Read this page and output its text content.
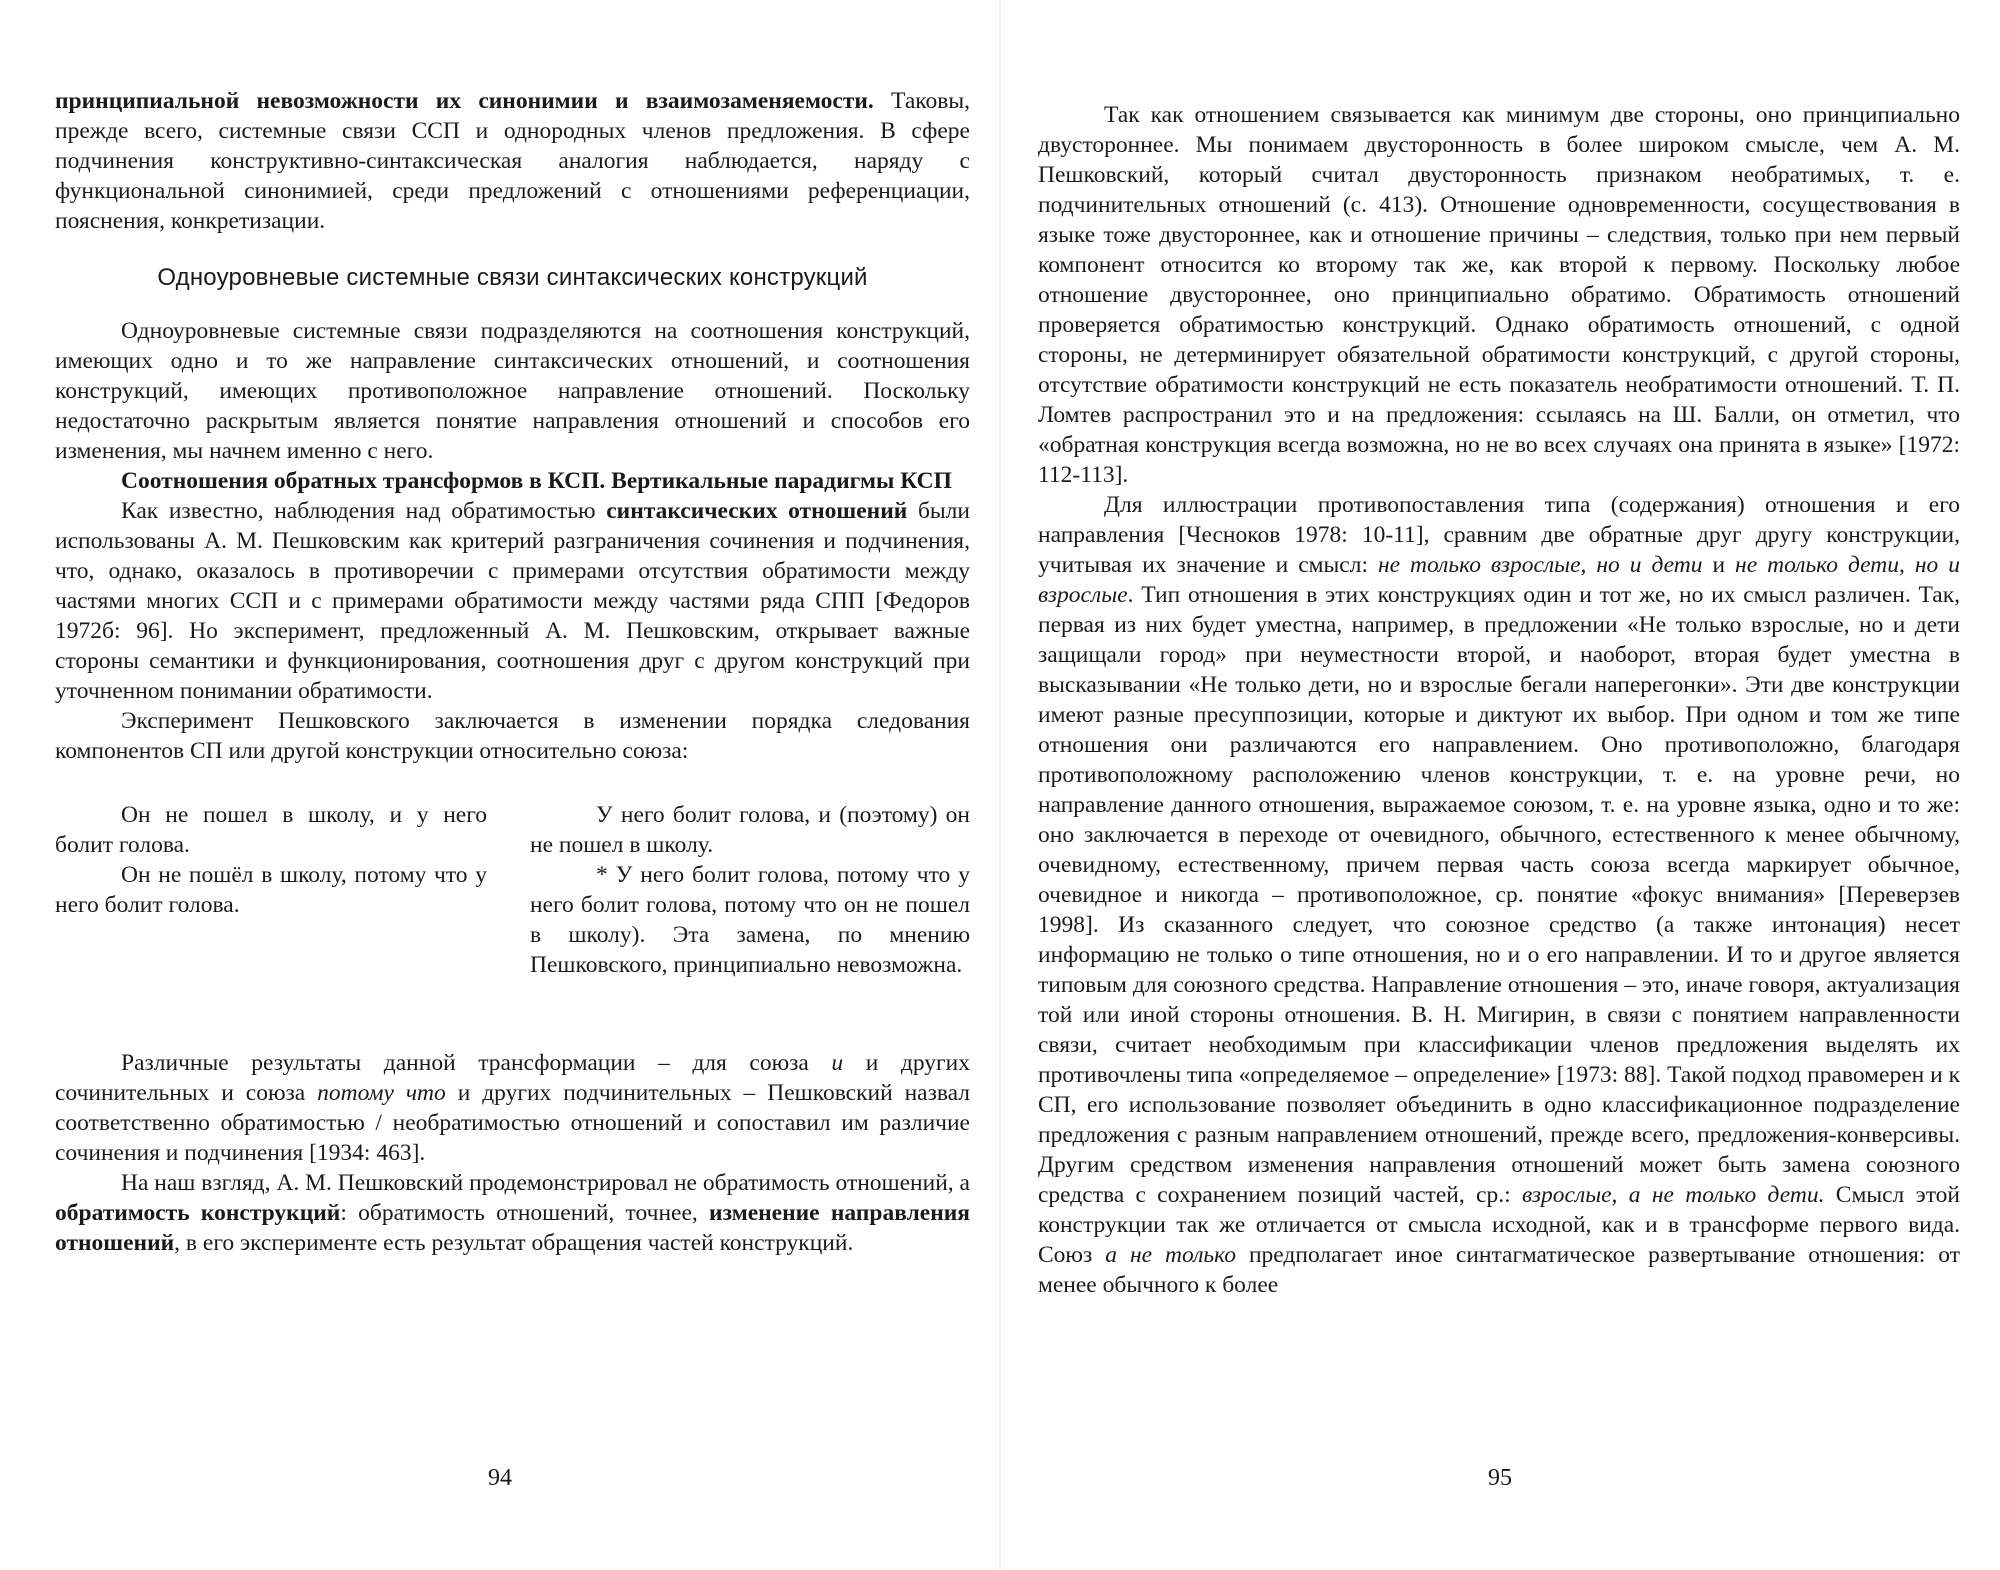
принципиальной невозможности их синонимии и взаимозаменяемости. Таковы, прежде всего, системные связи ССП и однородных членов предложения. В сфере подчинения конструктивно-синтаксическая аналогия наблюдается, наряду с функциональной синонимией, среди предложений с отношениями референциации, пояснения, конкретизации.

Одноуровневые системные связи синтаксических конструкций

Одноуровневые системные связи подразделяются на соотношения конструкций, имеющих одно и то же направление синтаксических отношений, и соотношения конструкций, имеющих противоположное направление отношений. Поскольку недостаточно раскрытым является понятие направления отношений и способов его изменения, мы начнем именно с него.

Соотношения обратных трансформов в КСП. Вертикальные парадигмы КСП

Как известно, наблюдения над обратимостью синтаксических отношений были использованы А. М. Пешковским как критерий разграничения сочинения и подчинения, что, однако, оказалось в противоречии с примерами отсутствия обратимости между частями многих ССП и с примерами обратимости между частями ряда СПП [Федоров 1972б: 96]. Но эксперимент, предложенный А. М. Пешковским, открывает важные стороны семантики и функционирования, соотношения друг с другом конструкций при уточненном понимании обратимости.

Эксперимент Пешковского заключается в изменении порядка следования компонентов СП или другой конструкции относительно союза:

Он не пошел в школу, и у него болит голова.

Он не пошёл в школу, потому что у него болит голова.

У него болит голова, и (поэтому) он не пошел в школу.

* У него болит голова, потому что у него болит голова, потому что он не пошел в школу). Эта замена, по мнению Пешковского, принципиально невозможна.

Различные результаты данной трансформации – для союза и и других сочинительных и союза потому что и других подчинительных – Пешковский назвал соответственно обратимостью / необратимостью отношений и сопоставил им различие сочинения и подчинения [1934: 463].

На наш взгляд, А. М. Пешковский продемонстрировал не обратимость отношений, а обратимость конструкций: обратимость отношений, точнее, изменение направления отношений, в его эксперименте есть результат обращения частей конструкций.

94

Так как отношением связывается как минимум две стороны, оно принципиально двустороннее. Мы понимаем двусторонность в более широком смысле, чем А. М. Пешковский, который считал двусторонность признаком необратимых, т. е. подчинительных отношений (с. 413). Отношение одновременности, сосуществования в языке тоже двустороннее, как и отношение причины – следствия, только при нем первый компонент относится ко второму так же, как второй к первому. Поскольку любое отношение двустороннее, оно принципиально обратимо. Обратимость отношений проверяется обратимостью конструкций. Однако обратимость отношений, с одной стороны, не детерминирует обязательной обратимости конструкций, с другой стороны, отсутствие обратимости конструкций не есть показатель необратимости отношений. Т. П. Ломтев распространил это и на предложения: ссылаясь на Ш. Балли, он отметил, что «обратная конструкция всегда возможна, но не во всех случаях она принята в языке» [1972: 112-113].

Для иллюстрации противопоставления типа (содержания) отношения и его направления [Чесноков 1978: 10-11], сравним две обратные друг другу конструкции, учитывая их значение и смысл: не только взрослые, но и дети и не только дети, но и взрослые. Тип отношения в этих конструкциях один и тот же, но их смысл различен. Так, первая из них будет уместна, например, в предложении «Не только взрослые, но и дети защищали город» при неуместности второй, и наоборот, вторая будет уместна в высказывании «Не только дети, но и взрослые бегали наперегонки». Эти две конструкции имеют разные пресуппозиции, которые и диктуют их выбор. При одном и том же типе отношения они различаются его направлением. Оно противоположно, благодаря противоположному расположению членов конструкции, т. е. на уровне речи, но направление данного отношения, выражаемое союзом, т. е. на уровне языка, одно и то же: оно заключается в переходе от очевидного, обычного, естественного к менее обычному, очевидному, естественному, причем первая часть союза всегда маркирует обычное, очевидное и никогда – противоположное, ср. понятие «фокус внимания» [Переверзев 1998]. Из сказанного следует, что союзное средство (а также интонация) несет информацию не только о типе отношения, но и о его направлении. И то и другое является типовым для союзного средства. Направление отношения – это, иначе говоря, актуализация той или иной стороны отношения. В. Н. Мигирин, в связи с понятием направленности связи, считает необходимым при классификации членов предложения выделять их противочлены типа «определяемое – определение» [1973: 88]. Такой подход правомерен и к СП, его использование позволяет объединить в одно классификационное подразделение предложения с разным направлением отношений, прежде всего, предложения-конверсивы. Другим средством изменения направления отношений может быть замена союзного средства с сохранением позиций частей, ср.: взрослые, а не только дети. Смысл этой конструкции так же отличается от смысла исходной, как и в трансформе первого вида. Союз а не только предполагает иное синтагматическое развертывание отношения: от менее обычного к более

95
